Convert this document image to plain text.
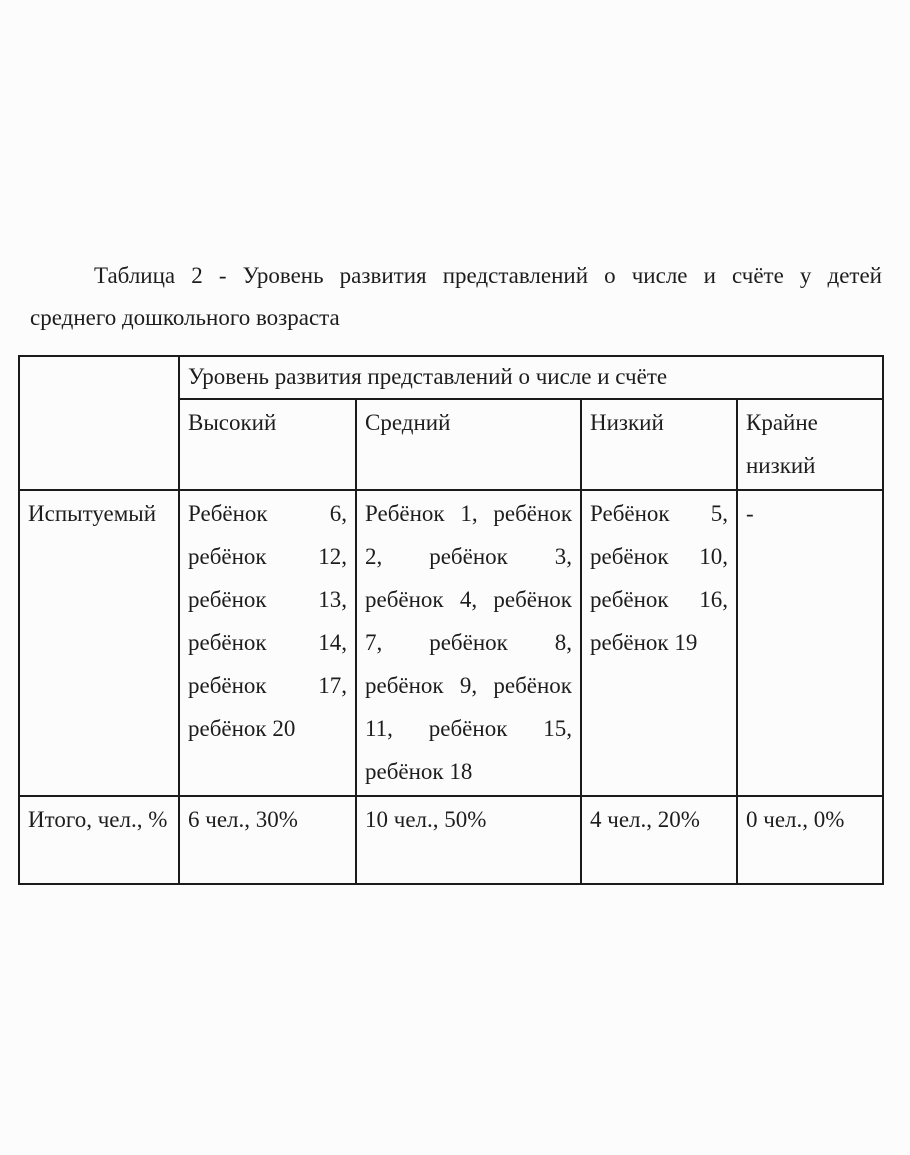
Таблица 2 - Уровень развития представлений о числе и счёте у детей
среднего дошкольного возраста
	Уровень развития представлений о числе и счёте			
	Высокий	Средний	Низкий	Крайне низкий
Испытуемый	Ребёнок 6, ребёнок 12, ребёнок 13, ребёнок 14, ребёнок 17, ребёнок 20	Ребёнок 1, ребёнок 2, ребёнок 3, ребёнок 4, ребёнок 7, ребёнок 8, ребёнок 9, ребёнок 11, ребёнок 15, ребёнок 18	Ребёнок 5, ребёнок 10, ребёнок 16, ребёнок 19	-
Итого, чел., %	6 чел., 30%	10 чел., 50%	4 чел., 20%	0 чел., 0%
